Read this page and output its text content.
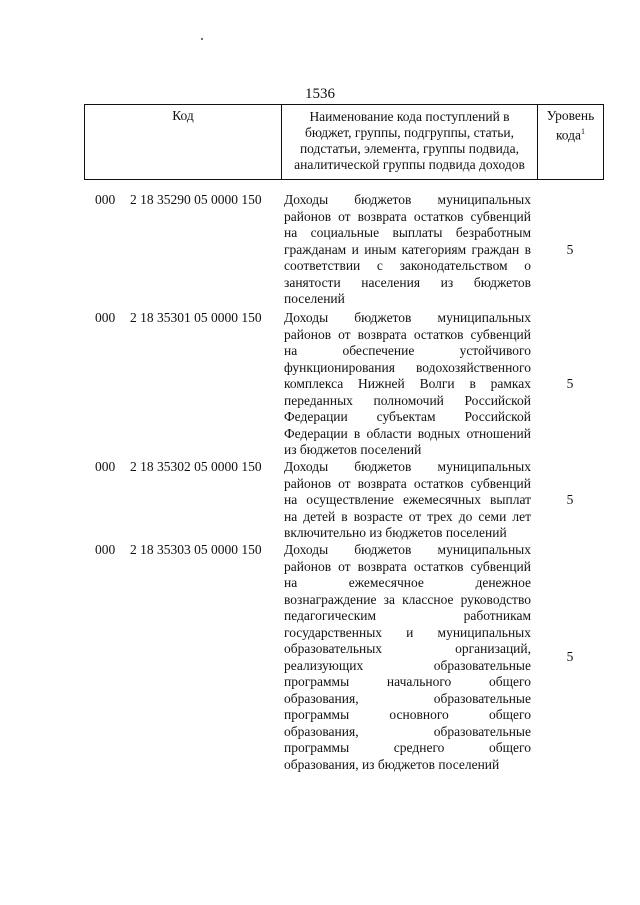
1536
Код	Наименование кода поступлений в
бюджет, группы, подгруппы, статьи,
подстатьи, элемента, группы подвида,
аналитической группы подвида доходов
Уровень
кода$^1$
000 2 18 35290 05 0000 150 Доходы бюджетов муниципальных
районов от возврата остатков субвенций
на социальные выплаты безработным
гражданам и иным категориям граждан в
соответствии с законодательством о
занятости населения из бюджетов
поселений
5
000 2 18 35301 05 0000 150 Доходы бюджетов муниципальных
районов от возврата остатков субвенций
на обеспечение устойчивого
функционирования водохозяйственного
комплекса Нижней Волги в рамках
переданных полномочий Российской
Федерации субъектам Российской
Федерации в области водных отношений
из бюджетов поселений
5
000 2 18 35302 05 0000 150 Доходы бюджетов муниципальных
районов от возврата остатков субвенций
на осуществление ежемесячных выплат
на детей в возрасте от трех до семи лет
включительно из бюджетов поселений
5
000 2 18 35303 05 0000 150 Доходы бюджетов муниципальных
районов от возврата остатков субвенций
на ежемесячное денежное
вознаграждение за классное руководство
педагогическим работникам
государственных и муниципальных
образовательных организаций,
реализующих образовательные
программы начального общего
образования, образовательные
программы основного общего
образования, образовательные
программы среднего общего
образования, из бюджетов поселений
5
